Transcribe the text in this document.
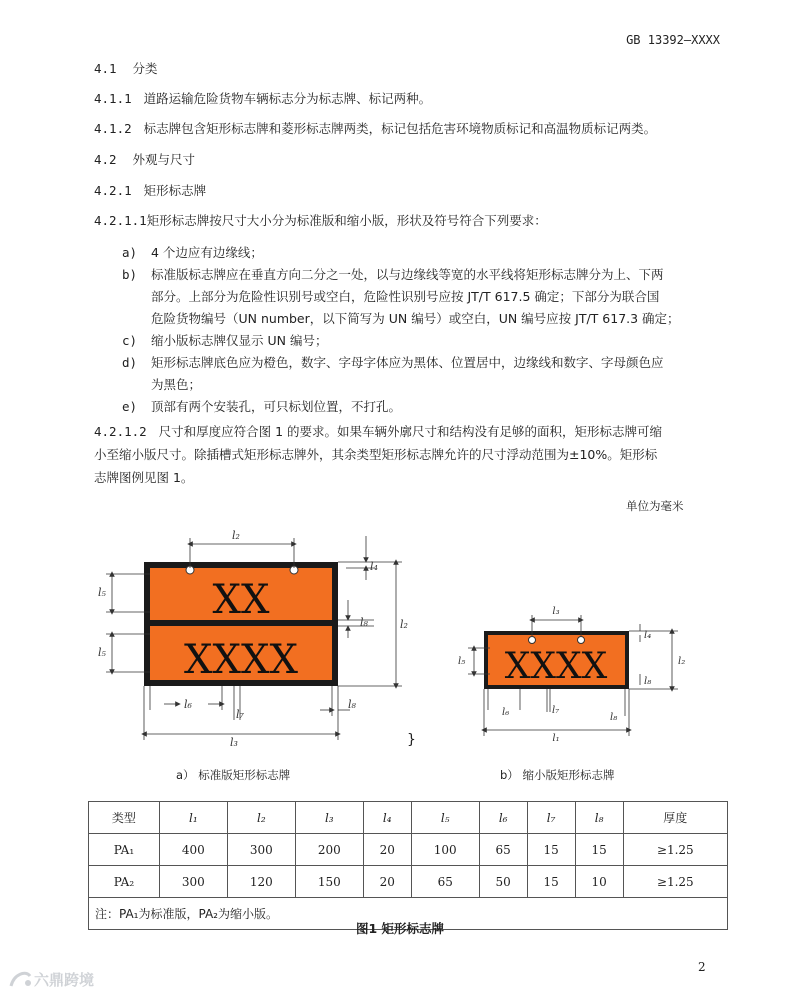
GB 13392—XXXX
4.1 分类
4.1.1 道路运输危险货物车辆标志分为标志牌、标记两种。
4.1.2 标志牌包含矩形标志牌和菱形标志牌两类，标记包括危害环境物质标记和高温物质标记两类。
4.2 外观与尺寸
4.2.1 矩形标志牌
4.2.1.1矩形标志牌按尺寸大小分为标准版和缩小版，形状及符号符合下列要求：
a) 4 个边应有边缘线；
b) 标准版标志牌应在垂直方向二分之一处，以与边缘线等宽的水平线将矩形标志牌分为上、下两
部分。上部分为危险性识别号或空白，危险性识别号应按 JT/T 617.5 确定；下部分为联合国
危险货物编号（UN number，以下简写为 UN 编号）或空白，UN 编号应按 JT/T 617.3 确定；
c) 缩小版标志牌仅显示 UN 编号；
d) 矩形标志牌底色应为橙色，数字、字母字体应为黑体、位置居中，边缘线和数字、字母颜色应
为黑色；
e) 顶部有两个安装孔，可只标划位置，不打孔。
4.2.1.2 尺寸和厚度应符合图 1 的要求。如果车辆外廓尺寸和结构没有足够的面积，矩形标志牌可缩
小至缩小版尺寸。除插槽式矩形标志牌外，其余类型矩形标志牌允许的尺寸浮动范围为±10%。矩形标
志牌图例见图 1。
单位为毫米
XX
XXXX
l₂
l₅
l₅
l₂
l₄
l₈
l₆
l₇
l₈
l₃	}
XXXX
l₃
l₅	l₂
l₄
l₈
l₆	l₇
l₈
l₁
a） 标准版矩形标志牌	b） 缩小版矩形标志牌
类型	l₁	l₂	l₃	l₄	l₅	l₆	l₇	l₈	厚度
PA₁	400	300	200	20	100	65	15	15	≥1.25
PA₂	300	120	150	20	65	50	15	10	≥1.25
注：PA₁为标准版，PA₂为缩小版。									
图1 矩形标志牌
2
六鼎跨境
